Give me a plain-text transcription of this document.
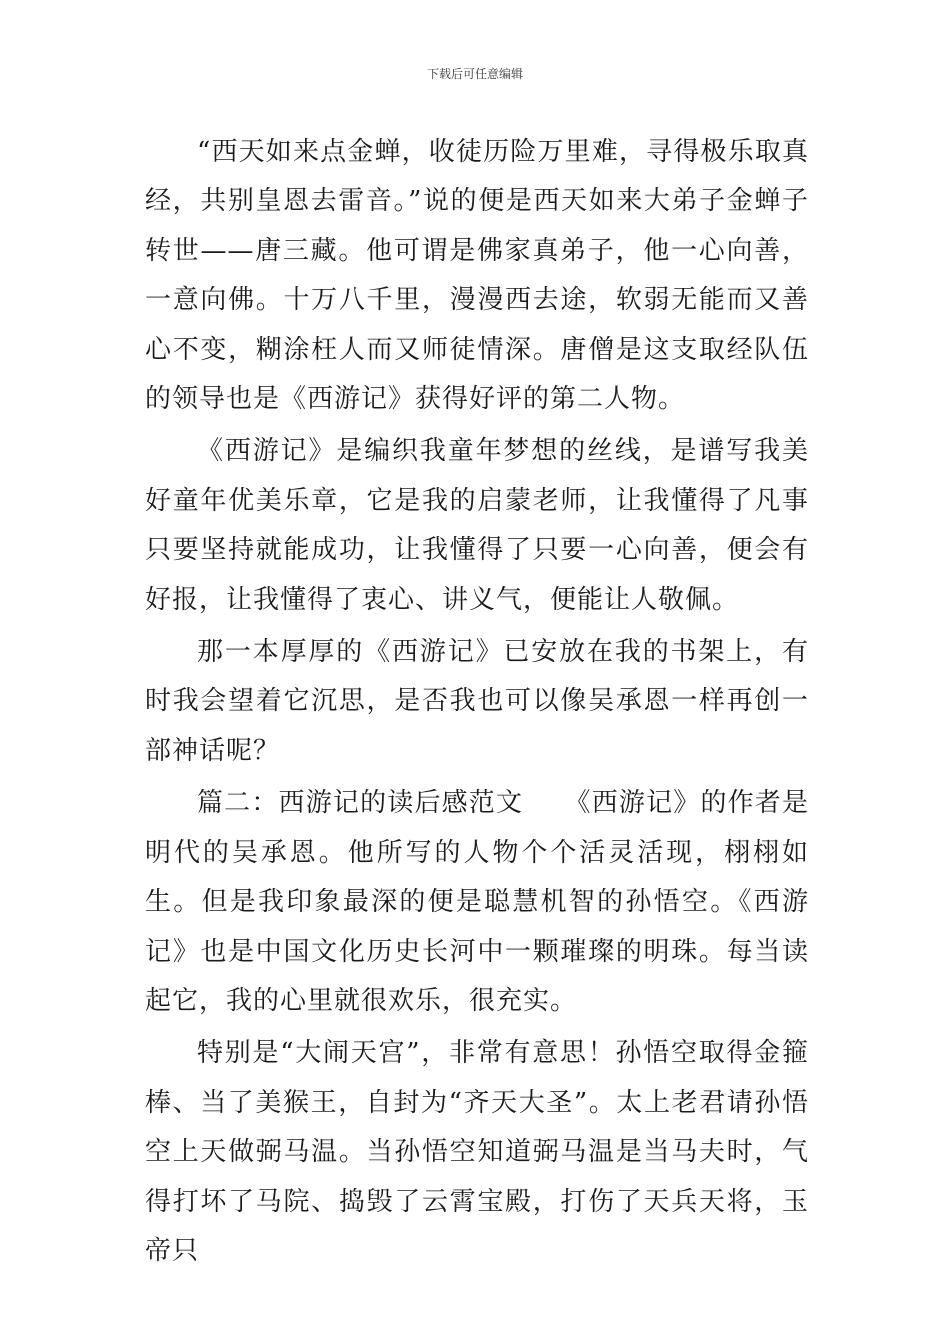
下载后可任意编辑

“西天如来点金蝉，收徒历险万里难，寻得极乐取真经，共别皇恩去雷音。”说的便是西天如来大弟子金蝉子转世——唐三藏。他可谓是佛家真弟子，他一心向善，一意向佛。十万八千里，漫漫西去途，软弱无能而又善心不变，糊涂枉人而又师徒情深。唐僧是这支取经队伍的领导也是《西游记》获得好评的第二人物。

《西游记》是编织我童年梦想的丝线，是谱写我美好童年优美乐章，它是我的启蒙老师，让我懂得了凡事只要坚持就能成功，让我懂得了只要一心向善，便会有好报，让我懂得了衷心、讲义气，便能让人敬佩。

那一本厚厚的《西游记》已安放在我的书架上，有时我会望着它沉思，是否我也可以像吴承恩一样再创一部神话呢？

篇二：西游记的读后感范文　　《西游记》的作者是明代的吴承恩。他所写的人物个个活灵活现，栩栩如生。但是我印象最深的便是聪慧机智的孙悟空。《西游记》也是中国文化历史长河中一颗璀璨的明珠。每当读起它，我的心里就很欢乐，很充实。

特别是“大闹天宫”，非常有意思！孙悟空取得金箍棒、当了美猴王，自封为“齐天大圣”。太上老君请孙悟空上天做弼马温。当孙悟空知道弼马温是当马夫时，气得打坏了马院、捣毁了云霄宝殿，打伤了天兵天将，玉帝只
